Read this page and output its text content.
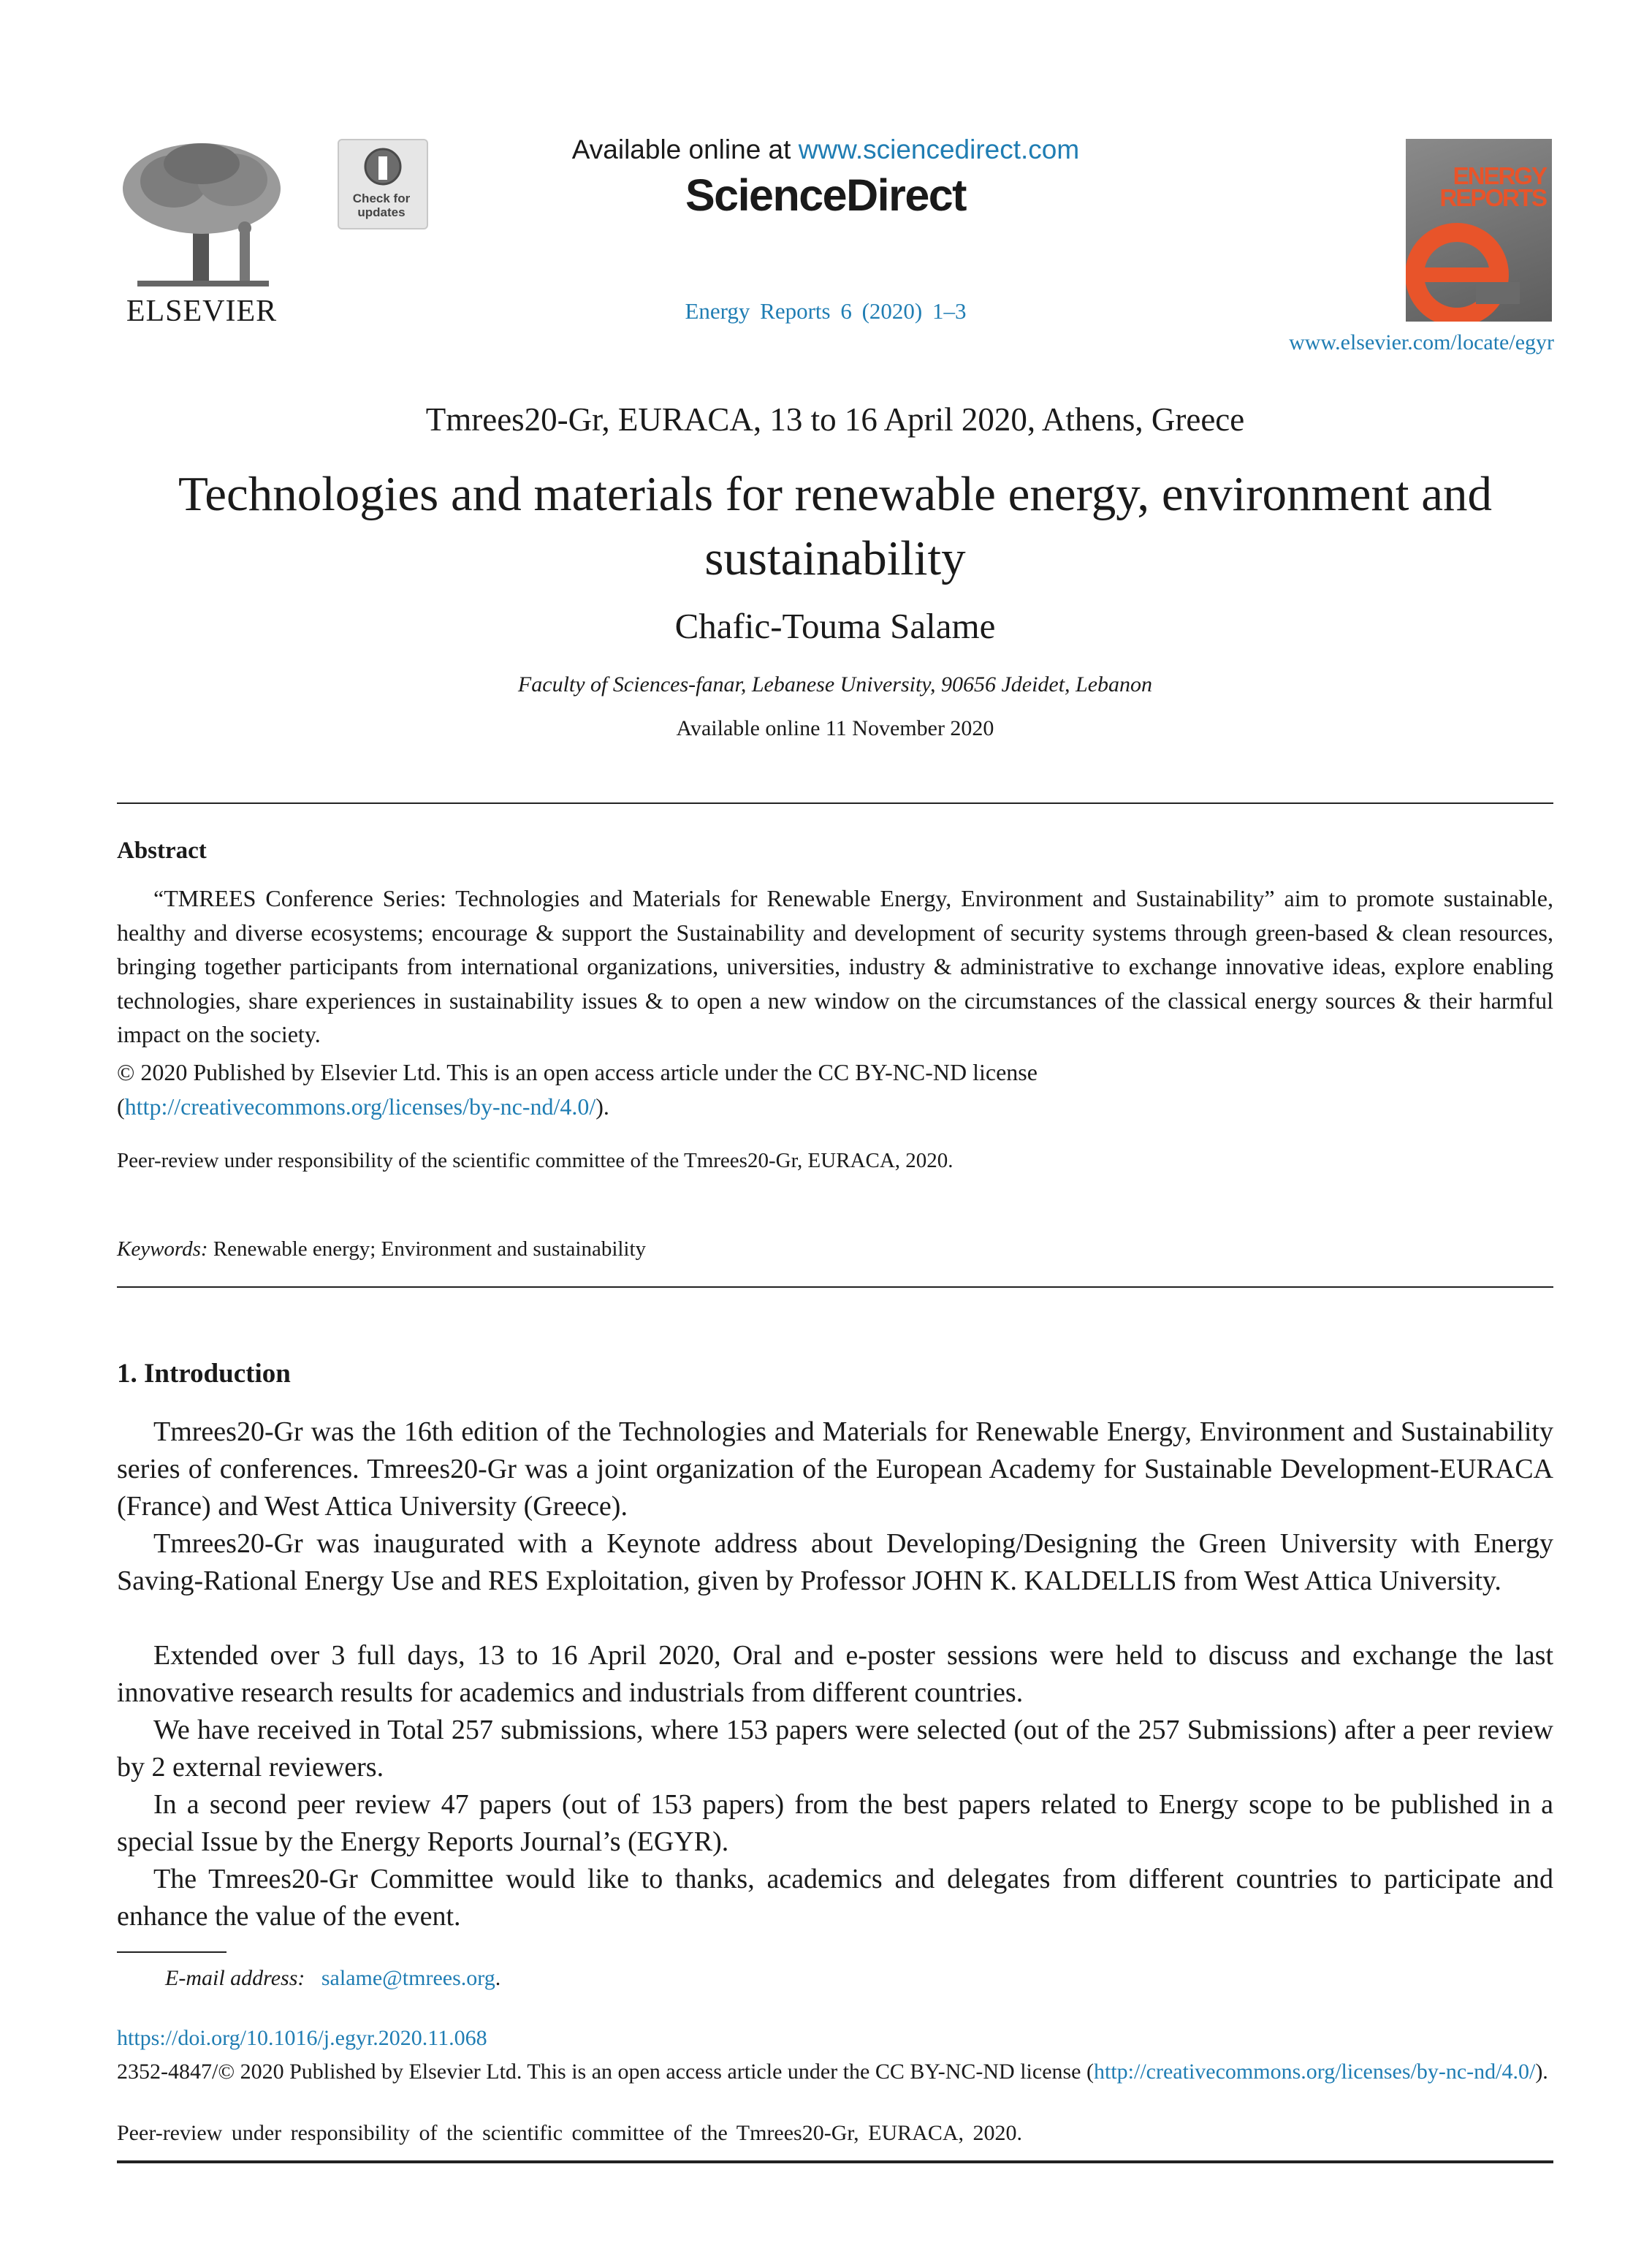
ELSEVIER
Check for updates
Available online at www.sciencedirect.com
ScienceDirect
Energy Reports 6 (2020) 1–3
ENERGY REPORTS
www.elsevier.com/locate/egyr
Tmrees20-Gr, EURACA, 13 to 16 April 2020, Athens, Greece
Technologies and materials for renewable energy, environment and sustainability
Chafic-Touma Salame
Faculty of Sciences-fanar, Lebanese University, 90656 Jdeidet, Lebanon
Available online 11 November 2020
Abstract
“TMREES Conference Series: Technologies and Materials for Renewable Energy, Environment and Sustainability” aim to promote sustainable, healthy and diverse ecosystems; encourage & support the Sustainability and development of security systems through green-based & clean resources, bringing together participants from international organizations, universities, industry & administrative to exchange innovative ideas, explore enabling technologies, share experiences in sustainability issues & to open a new window on the circumstances of the classical energy sources & their harmful impact on the society.
© 2020 Published by Elsevier Ltd. This is an open access article under the CC BY-NC-ND license
(http://creativecommons.org/licenses/by-nc-nd/4.0/).
Peer-review under responsibility of the scientific committee of the Tmrees20-Gr, EURACA, 2020.
Keywords: Renewable energy; Environment and sustainability
1. Introduction
Tmrees20-Gr was the 16th edition of the Technologies and Materials for Renewable Energy, Environment and Sustainability series of conferences. Tmrees20-Gr was a joint organization of the European Academy for Sustainable Development-EURACA (France) and West Attica University (Greece).
Tmrees20-Gr was inaugurated with a Keynote address about Developing/Designing the Green University with Energy Saving-Rational Energy Use and RES Exploitation, given by Professor JOHN K. KALDELLIS from West Attica University.
Extended over 3 full days, 13 to 16 April 2020, Oral and e-poster sessions were held to discuss and exchange the last innovative research results for academics and industrials from different countries.
We have received in Total 257 submissions, where 153 papers were selected (out of the 257 Submissions) after a peer review by 2 external reviewers.
In a second peer review 47 papers (out of 153 papers) from the best papers related to Energy scope to be published in a special Issue by the Energy Reports Journal’s (EGYR).
The Tmrees20-Gr Committee would like to thanks, academics and delegates from different countries to participate and enhance the value of the event.
E-mail address: salame@tmrees.org.
https://doi.org/10.1016/j.egyr.2020.11.068
2352-4847/© 2020 Published by Elsevier Ltd. This is an open access article under the CC BY-NC-ND license (http://creativecommons.org/licenses/by-nc-nd/4.0/).
Peer-review under responsibility of the scientific committee of the Tmrees20-Gr, EURACA, 2020.
